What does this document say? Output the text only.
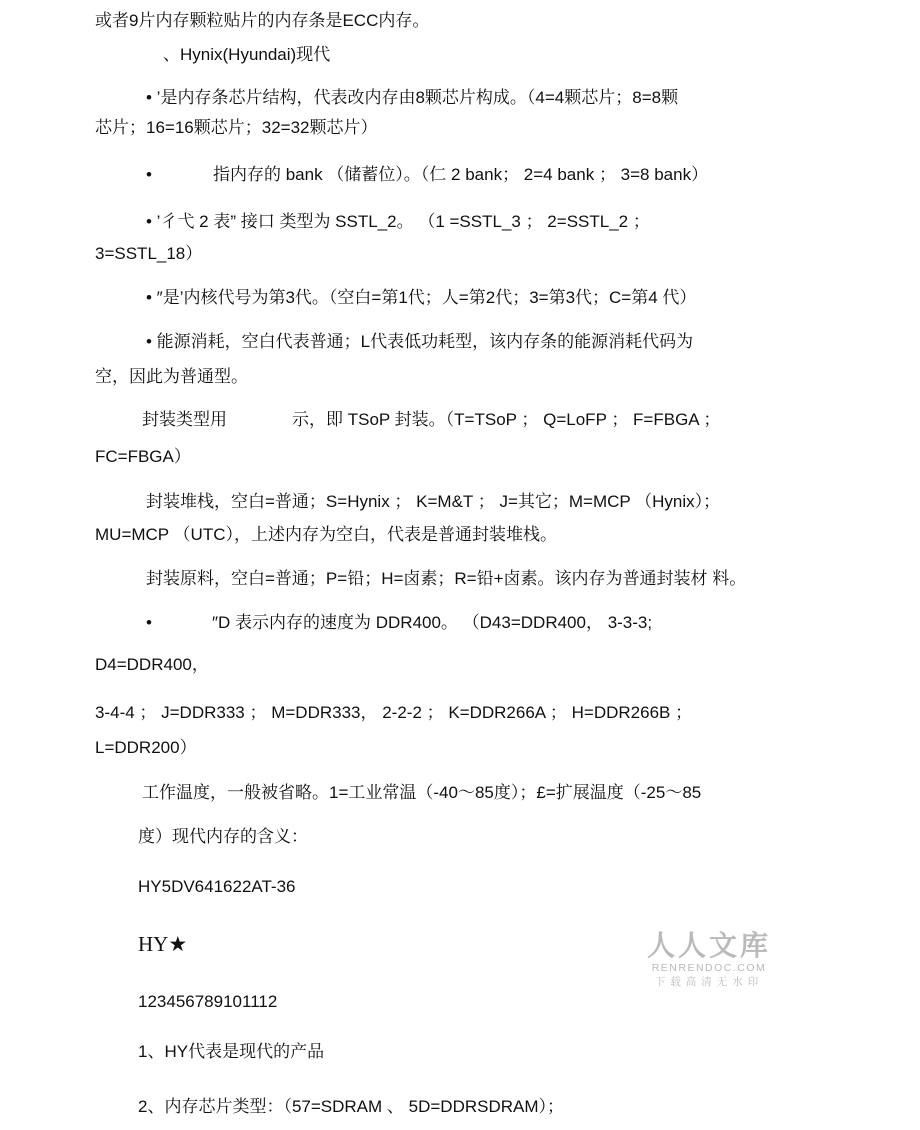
或者9片内存颗粒贴片的内存条是ECC内存。
、Hynix(Hyundai)现代
• ’是内存条芯片结构，代表改内存由8颗芯片构成。（4=4颗芯片；8=8颗
芯片；16=16颗芯片；32=32颗芯片）
•	指内存的 bank （储蓄位）。（仁 2 bank； 2=4 bank ； 3=8 bank）
• ’彳弋 2 表” 接口 类型为 SSTL_2。 （1 =SSTL_3 ； 2=SSTL_2 ；
3=SSTL_18）
• ″是’内核代号为第3代。（空白=第1代；人=第2代；3=第3代；C=第4 代）
• 能源消耗，空白代表普通；L代表低功耗型，该内存条的能源消耗代码为
空，因此为普通型。
封装类型用	示，即 TSoP 封装。（T=TSoP ； Q=LoFP ； F=FBGA ；
FC=FBGA）
封装堆栈，空白=普通；S=Hynix ； K=M&T ； J=其它；M=MCP （Hynix）；
MU=MCP （UTC），上述内存为空白，代表是普通封装堆栈。
封装原料，空白=普通；P=铅；H=卤素；R=铅+卤素。该内存为普通封装材 料。
•	″D 表示内存的速度为 DDR400。 （D43=DDR400， 3-3-3;
D4=DDR400，
3-4-4 ； J=DDR333 ； M=DDR333， 2-2-2 ； K=DDR266A ； H=DDR266B ；
L=DDR200）
工作温度，一般被省略。1=工业常温（-40〜85度）；£=扩展温度（-25〜85
度）现代内存的含义：
HY5DV641622AT-36
HY★
123456789101112
1、HY代表是现代的产品
2、内存芯片类型：（57=SDRAM 、 5D=DDRSDRAM）；
人人文库
RENRENDOC.COM
下载高清无水印
